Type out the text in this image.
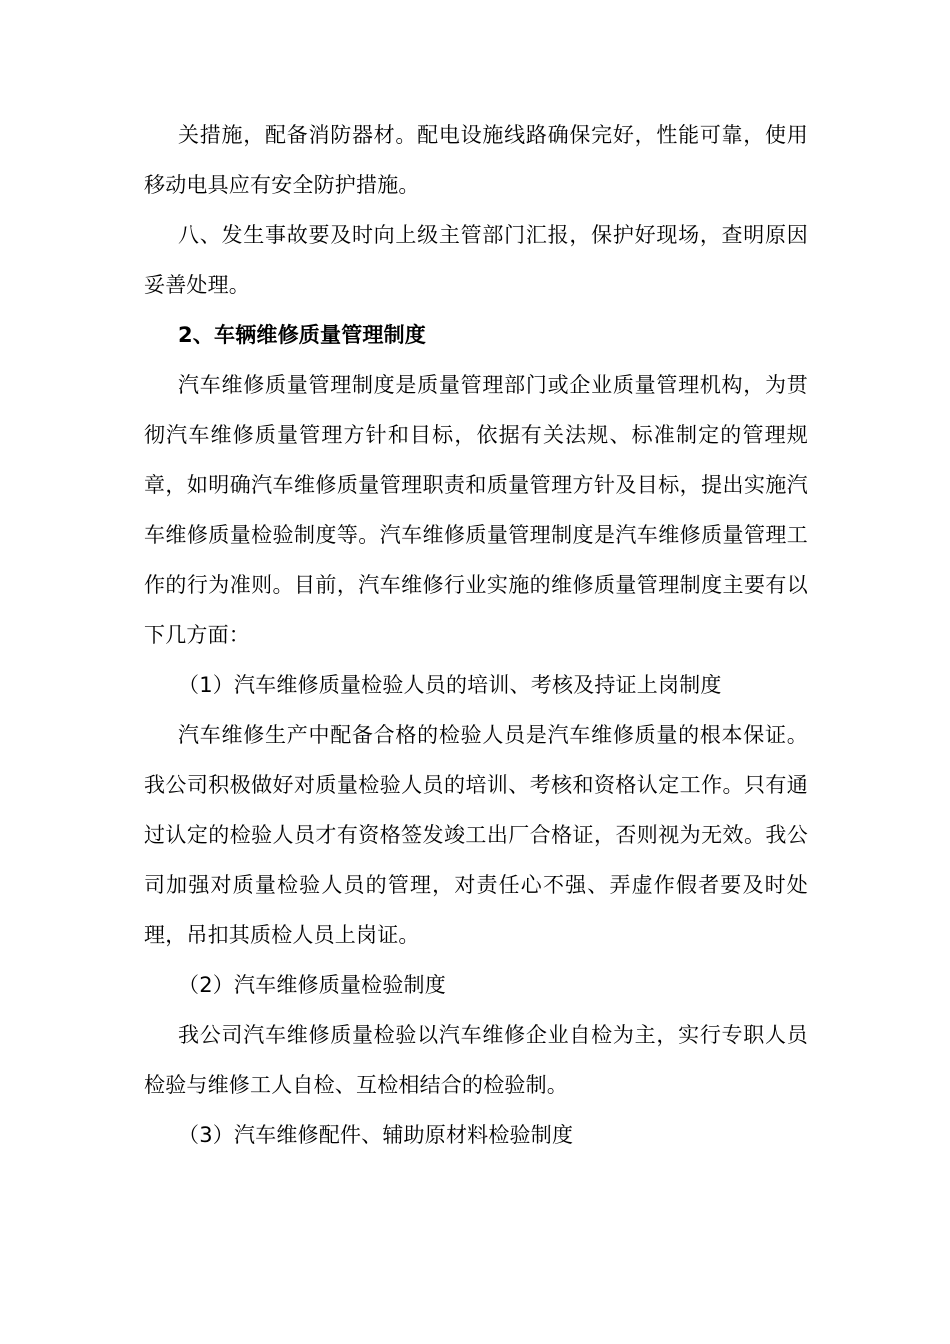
关措施，配备消防器材。配电设施线路确保完好，性能可靠，使用移动电具应有安全防护措施。

八、发生事故要及时向上级主管部门汇报，保护好现场，查明原因妥善处理。

2、车辆维修质量管理制度

汽车维修质量管理制度是质量管理部门或企业质量管理机构，为贯彻汽车维修质量管理方针和目标，依据有关法规、标准制定的管理规章，如明确汽车维修质量管理职责和质量管理方针及目标，提出实施汽车维修质量检验制度等。汽车维修质量管理制度是汽车维修质量管理工作的行为准则。目前，汽车维修行业实施的维修质量管理制度主要有以下几方面：

（1）汽车维修质量检验人员的培训、考核及持证上岗制度

汽车维修生产中配备合格的检验人员是汽车维修质量的根本保证。我公司积极做好对质量检验人员的培训、考核和资格认定工作。只有通过认定的检验人员才有资格签发竣工出厂合格证，否则视为无效。我公司加强对质量检验人员的管理，对责任心不强、弄虚作假者要及时处理，吊扣其质检人员上岗证。

（2）汽车维修质量检验制度

我公司汽车维修质量检验以汽车维修企业自检为主，实行专职人员检验与维修工人自检、互检相结合的检验制。

（3）汽车维修配件、辅助原材料检验制度
